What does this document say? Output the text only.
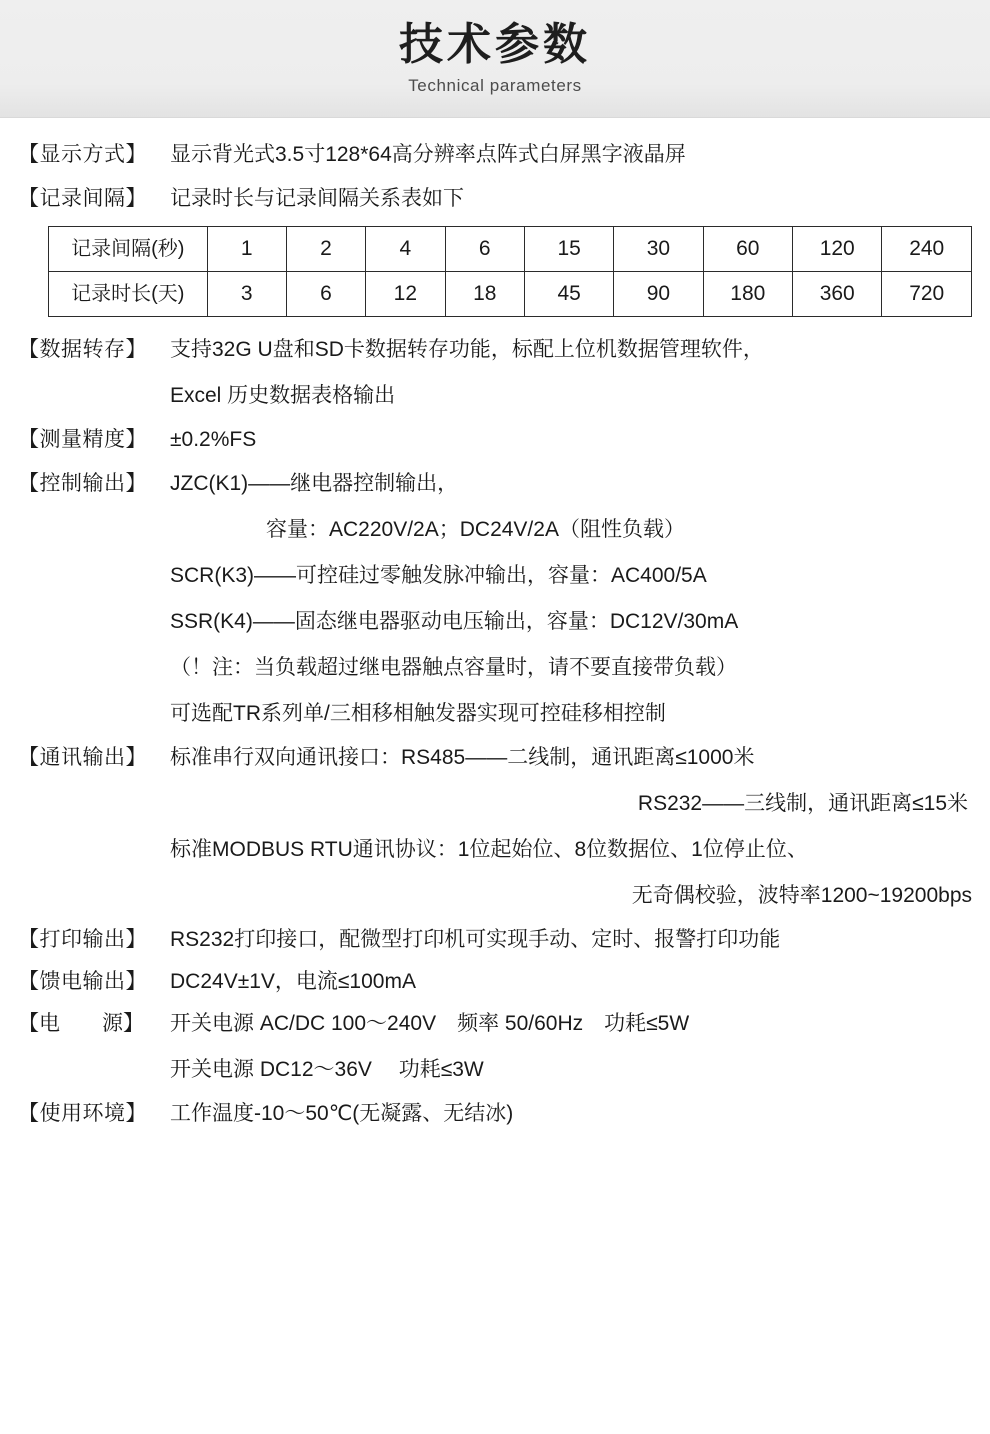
技术参数
Technical parameters
【显示方式】	显示背光式3.5寸128*64高分辨率点阵式白屏黑字液晶屏
【记录间隔】	记录时长与记录间隔关系表如下
记录间隔(秒)	1	2	4	6	15	30	60	120	240
记录时长(天)	3	6	12	18	45	90	180	360	720
【数据转存】	支持32G U盘和SD卡数据转存功能，标配上位机数据管理软件，
Excel 历史数据表格输出
【测量精度】	±0.2%FS
【控制输出】	JZC(K1)——继电器控制输出，
容量：AC220V/2A；DC24V/2A（阻性负载）
SCR(K3)——可控硅过零触发脉冲输出，容量：AC400/5A
SSR(K4)——固态继电器驱动电压输出，容量：DC12V/30mA
（！注：当负载超过继电器触点容量时，请不要直接带负载）
可选配TR系列单/三相移相触发器实现可控硅移相控制
【通讯输出】	标准串行双向通讯接口：RS485——二线制，通讯距离≤1000米
RS232——三线制，通讯距离≤15米
标准MODBUS RTU通讯协议：1位起始位、8位数据位、1位停止位、
无奇偶校验，波特率1200~19200bps
【打印输出】	RS232打印接口，配微型打印机可实现手动、定时、报警打印功能
【馈电输出】	DC24V±1V，电流≤100mA
【电　　源】	开关电源 AC/DC 100～240V　频率 50/60Hz　功耗≤5W
开关电源 DC12～36V　 功耗≤3W
【使用环境】	工作温度-10～50℃(无凝露、无结冰)
